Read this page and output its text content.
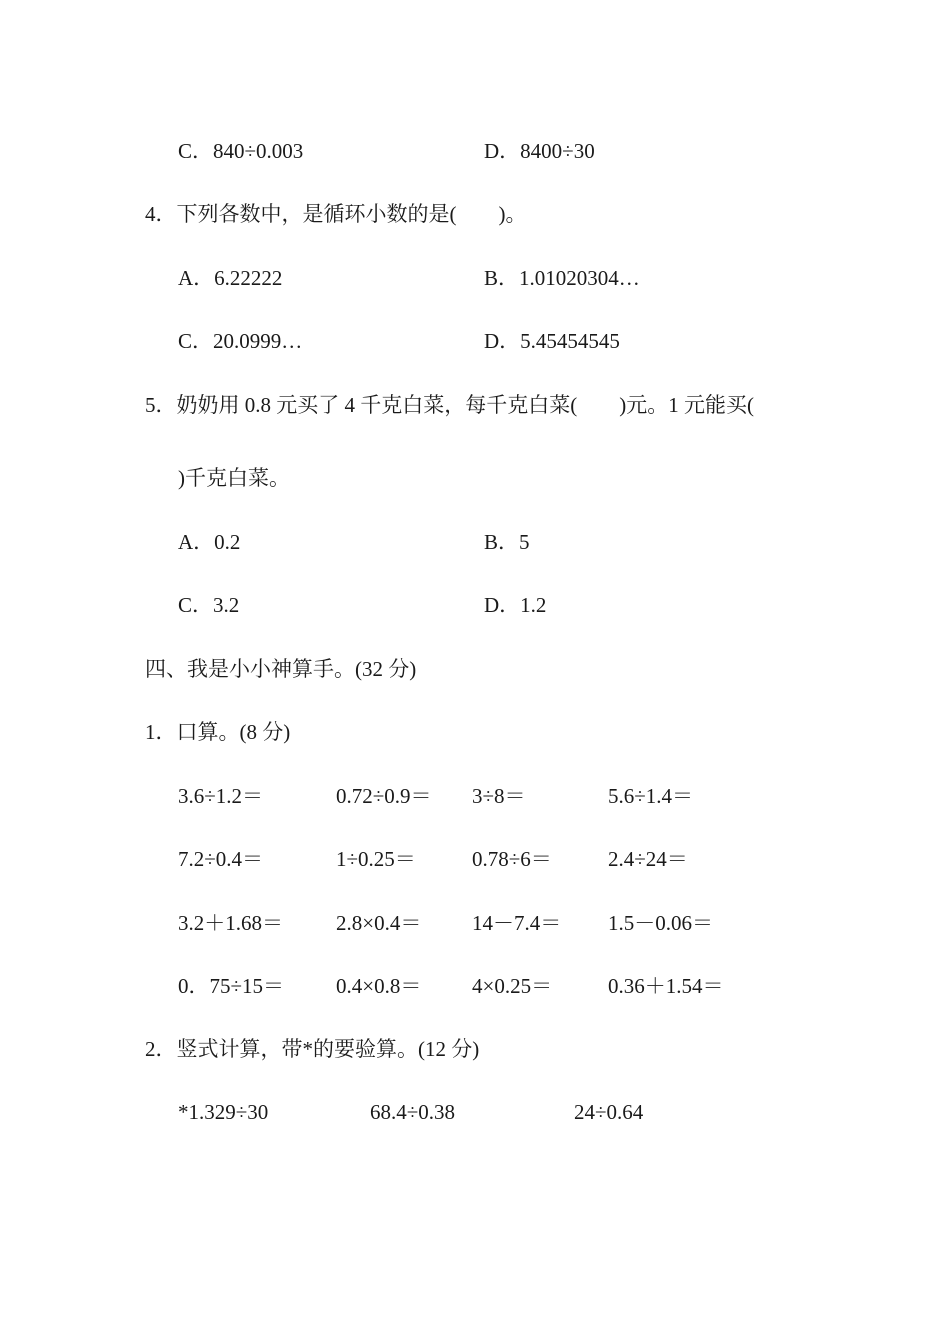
C．840÷0.003	D．8400÷30
4．下列各数中，是循环小数的是(　　)。
A．6.22222	B．1.01020304…
C．20.0999…	D．5.45454545
5．奶奶用 0.8 元买了 4 千克白菜，每千克白菜(　　)元。1 元能买(
)千克白菜。
A．0.2	B．5
C．3.2	D．1.2
四、我是小小神算手。(32 分)
1．口算。(8 分)
3.6÷1.2＝	0.72÷0.9＝ 3÷8＝	5.6÷1.4＝
7.2÷0.4＝	1÷0.25＝	0.78÷6＝	2.4÷24＝
3.2＋1.68＝	2.8×0.4＝ 14－7.4＝ 1.5－0.06＝
0．75÷15＝ 0.4×0.8＝ 4×0.25＝	0.36＋1.54＝
2．竖式计算，带*的要验算。(12 分)
*1.329÷30	68.4÷0.38	24÷0.64
